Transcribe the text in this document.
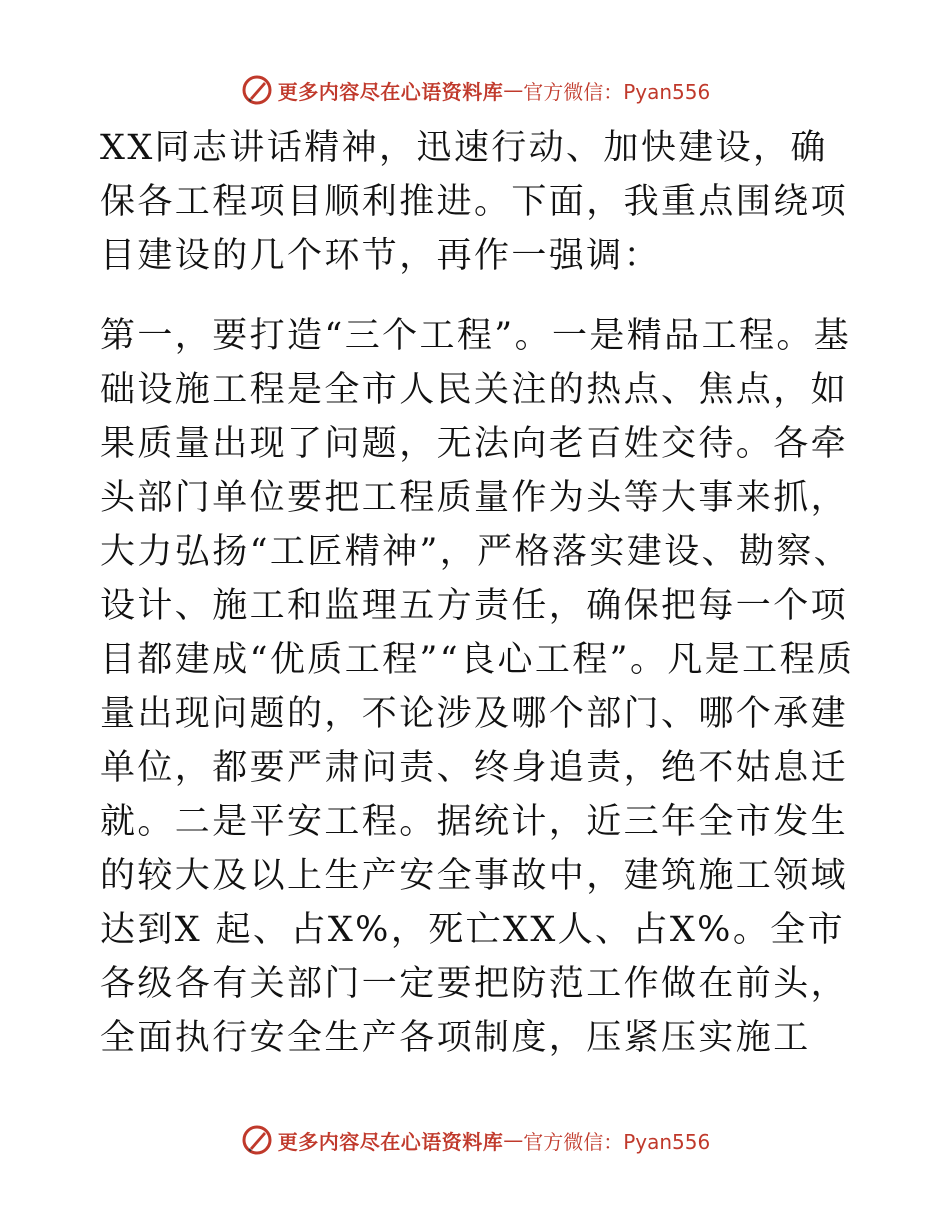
更多内容尽在心语资料库 — 官方微信：Pyan556

XX同志讲话精神，迅速行动、加快建设，确保各工程项目顺利推进。下面，我重点围绕项目建设的几个环节，再作一强调：

第一，要打造“三个工程”。一是精品工程。基础设施工程是全市人民关注的热点、焦点，如果质量出现了问题，无法向老百姓交待。各牵头部门单位要把工程质量作为头等大事来抓，大力弘扬“工匠精神”，严格落实建设、勘察、设计、施工和监理五方责任，确保把每一个项目都建成“优质工程”“良心工程”。凡是工程质量出现问题的，不论涉及哪个部门、哪个承建单位，都要严肃问责、终身追责，绝不姑息迁就。二是平安工程。据统计，近三年全市发生的较大及以上生产安全事故中，建筑施工领域达到X 起、占X%，死亡XX人、占X%。全市各级各有关部门一定要把防范工作做在前头，全面执行安全生产各项制度，压紧压实施工

更多内容尽在心语资料库 — 官方微信：Pyan556
